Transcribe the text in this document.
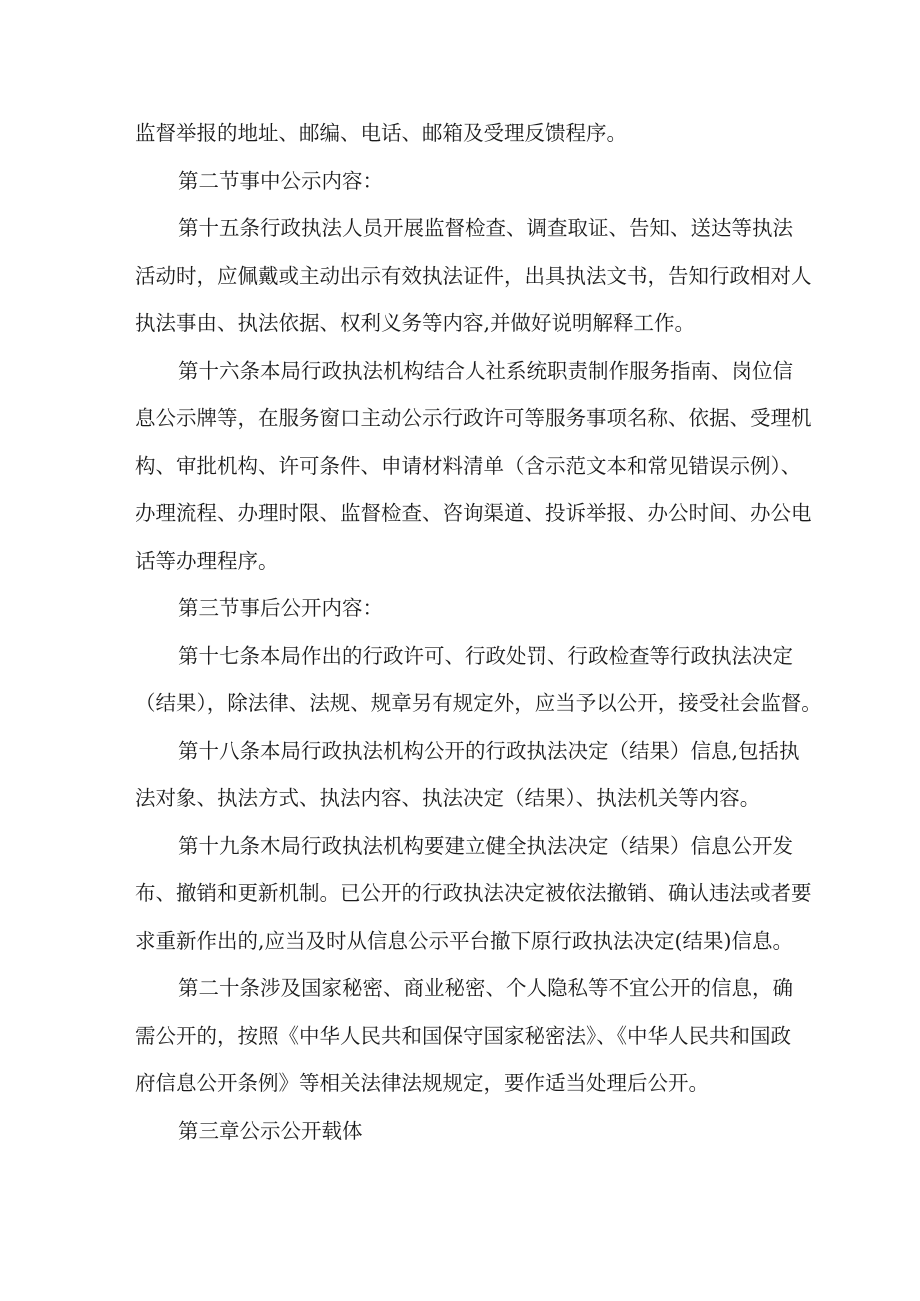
监督举报的地址、邮编、电话、邮箱及受理反馈程序。
第二节事中公示内容：
第十五条行政执法人员开展监督检查、调查取证、告知、送达等执法
活动时，应佩戴或主动出示有效执法证件，出具执法文书，告知行政相对人
执法事由、执法依据、权利义务等内容,并做好说明解释工作。
第十六条本局行政执法机构结合人社系统职责制作服务指南、岗位信
息公示牌等，在服务窗口主动公示行政许可等服务事项名称、依据、受理机
构、审批机构、许可条件、申请材料清单（含示范文本和常见错误示例）、
办理流程、办理时限、监督检查、咨询渠道、投诉举报、办公时间、办公电
话等办理程序。
第三节事后公开内容：
第十七条本局作出的行政许可、行政处罚、行政检查等行政执法决定
（结果），除法律、法规、规章另有规定外，应当予以公开，接受社会监督。
第十八条本局行政执法机构公开的行政执法决定（结果）信息,包括执
法对象、执法方式、执法内容、执法决定（结果）、执法机关等内容。
第十九条木局行政执法机构要建立健全执法决定（结果）信息公开发
布、撤销和更新机制。已公开的行政执法决定被依法撤销、确认违法或者要
求重新作出的,应当及时从信息公示平台撤下原行政执法决定(结果)信息。
第二十条涉及国家秘密、商业秘密、个人隐私等不宜公开的信息，确
需公开的，按照《中华人民共和国保守国家秘密法》、《中华人民共和国政
府信息公开条例》等相关法律法规规定，要作适当处理后公开。
第三章公示公开载体
